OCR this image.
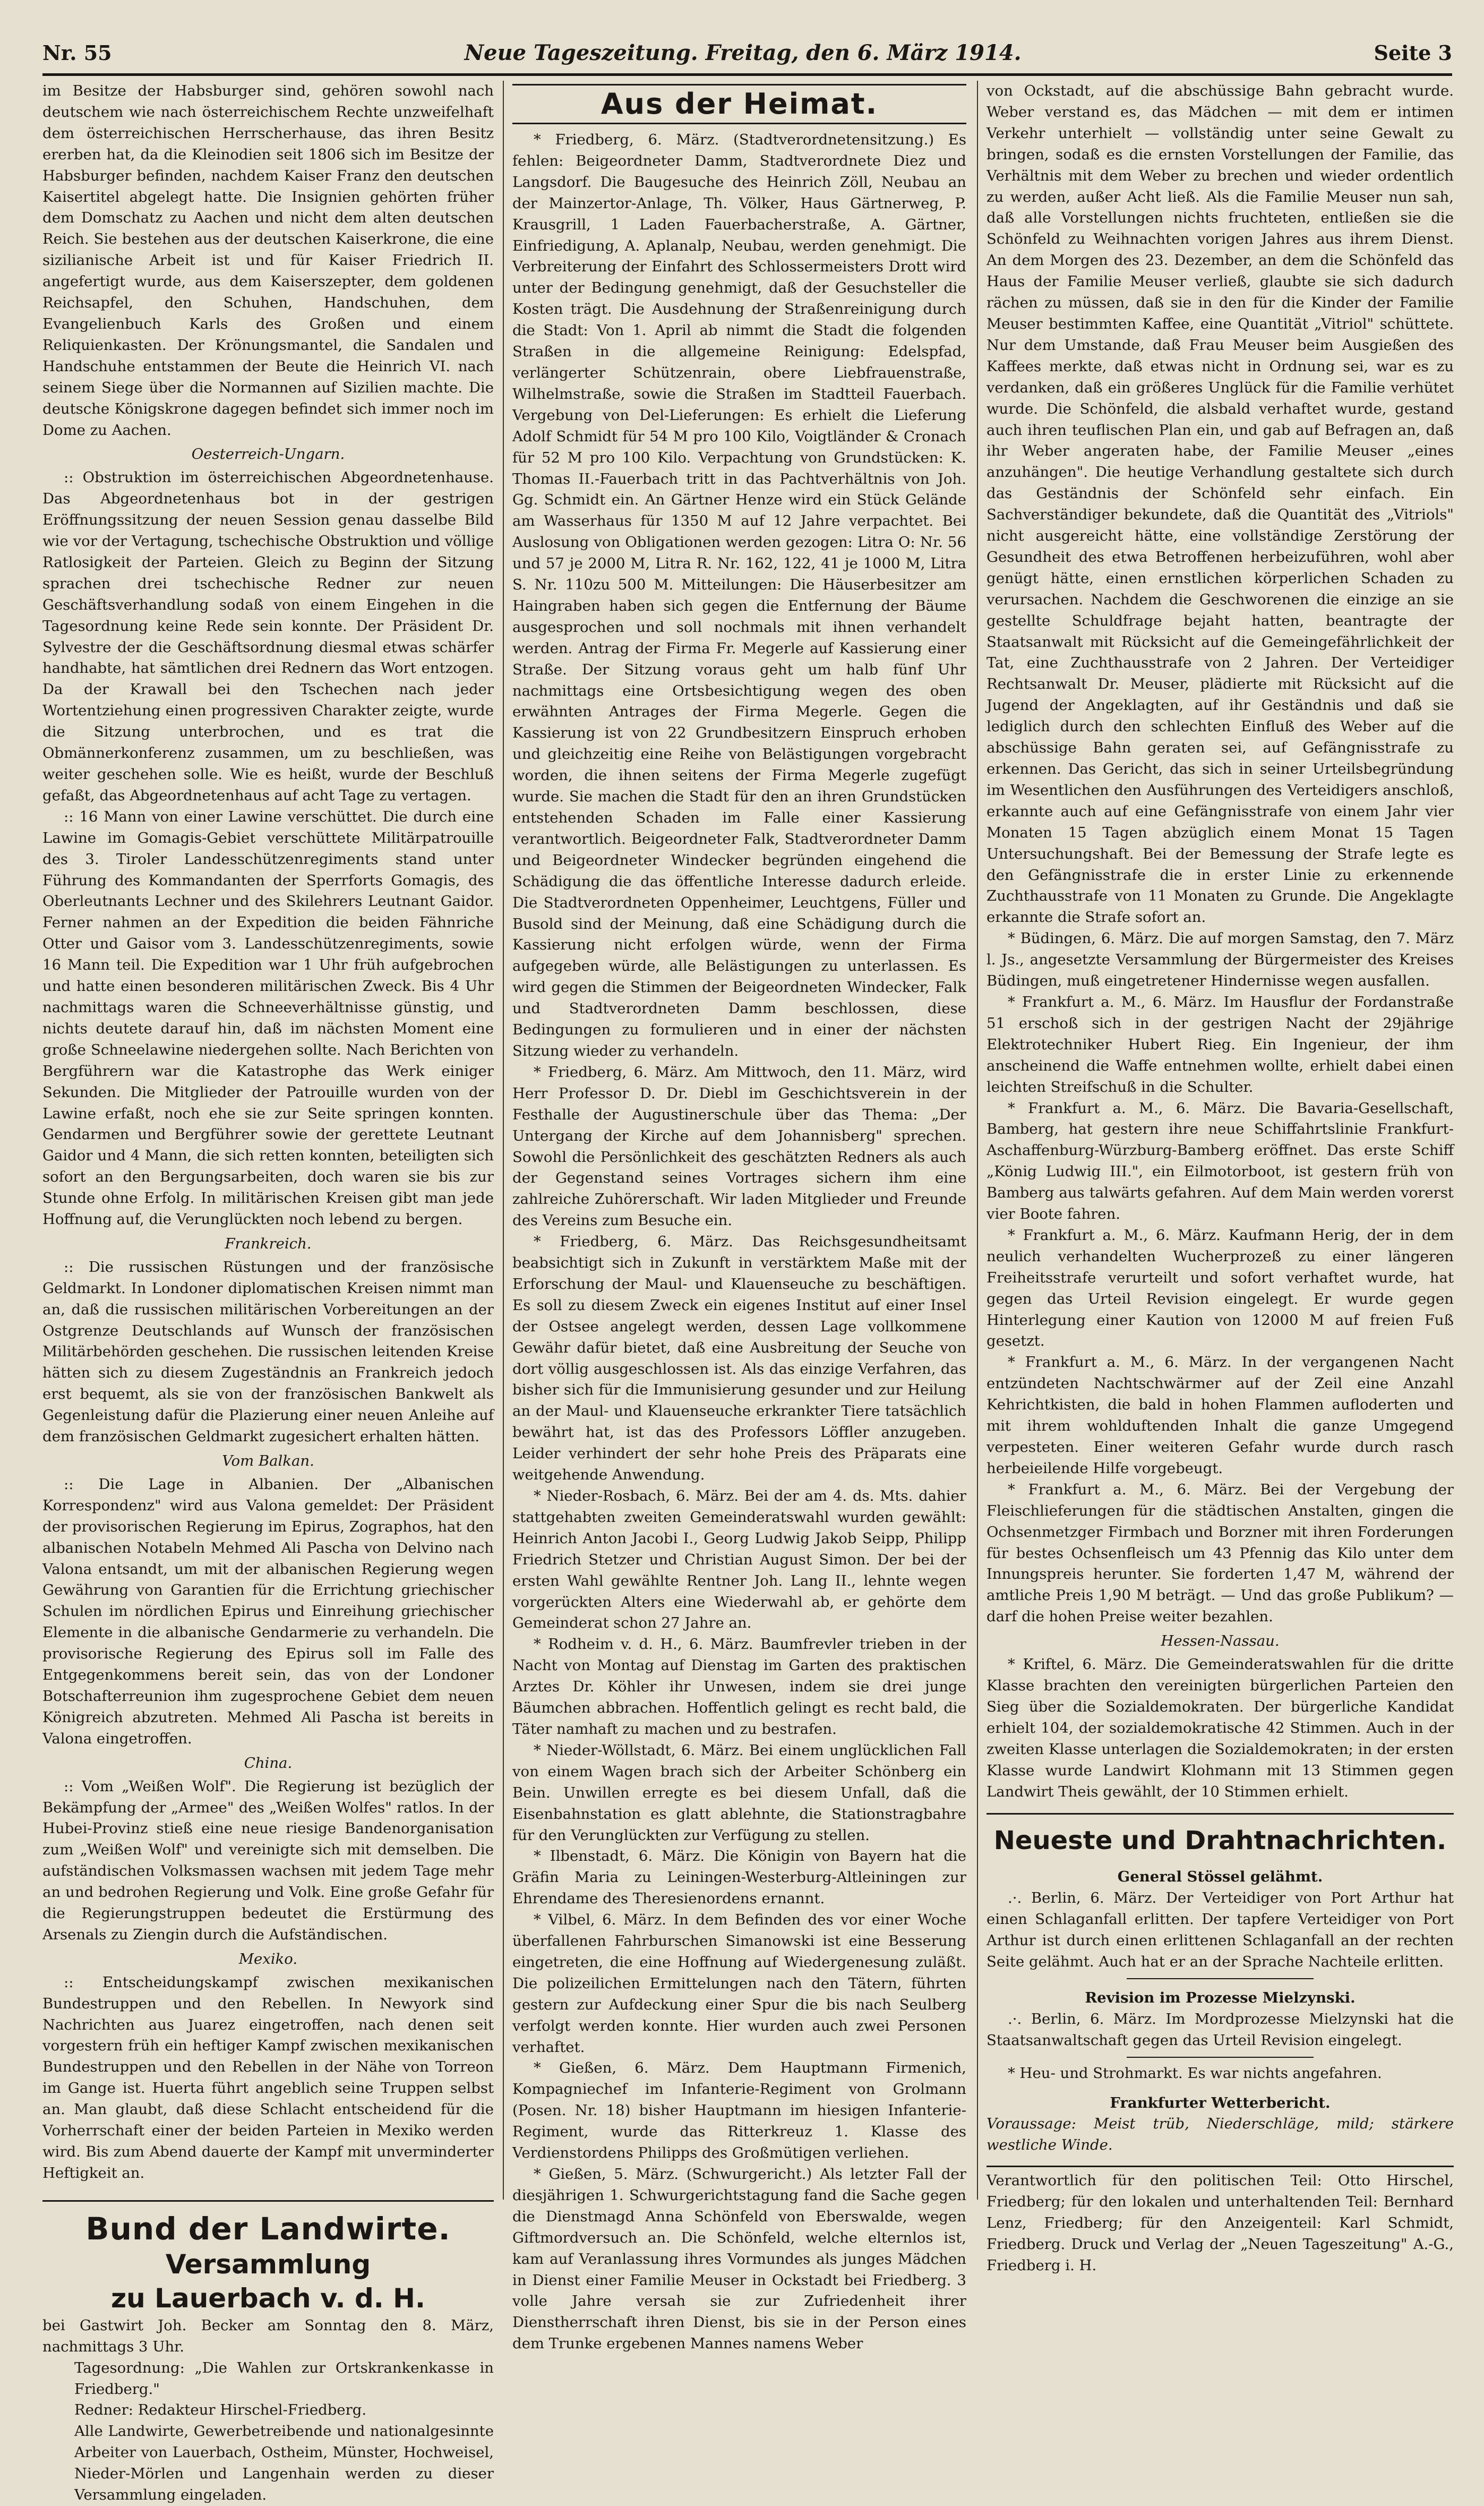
Nr. 55	Neue Tageszeitung. Freitag, den 6. März 1914.	Seite 3

im Besitze der Habsburger sind, gehören sowohl nach deutschem wie nach österreichischem Rechte unzweifelhaft dem österreichischen Herrscherhause, das ihren Besitz ererben hat, da die Kleinodien seit 1806 sich im Besitze der Habsburger befinden, nachdem Kaiser Franz den deutschen Kaisertitel abgelegt hatte. Die Insignien gehörten früher dem Domschatz zu Aachen und nicht dem alten deutschen Reich. Sie bestehen aus der deutschen Kaiserkrone, die eine sizilianische Arbeit ist und für Kaiser Friedrich II. angefertigt wurde, aus dem Kaiserszepter, dem goldenen Reichsapfel, den Schuhen, Handschuhen, dem Evangelienbuch Karls des Großen und einem Reliquienkasten. Der Krönungsmantel, die Sandalen und Handschuhe entstammen der Beute die Heinrich VI. nach seinem Siege über die Normannen auf Sizilien machte. Die deutsche Königskrone dagegen befindet sich immer noch im Dome zu Aachen.

Oesterreich-Ungarn.

:: Obstruktion im österreichischen Abgeordnetenhause. Das Abgeordnetenhaus bot in der gestrigen Eröffnungssitzung der neuen Session genau dasselbe Bild wie vor der Vertagung, tschechische Obstruktion und völlige Ratlosigkeit der Parteien. Gleich zu Beginn der Sitzung sprachen drei tschechische Redner zur neuen Geschäftsverhandlung sodaß von einem Eingehen in die Tagesordnung keine Rede sein konnte. Der Präsident Dr. Sylvestre der die Geschäftsordnung diesmal etwas schärfer handhabte, hat sämtlichen drei Rednern das Wort entzogen. Da der Krawall bei den Tschechen nach jeder Wortentziehung einen progressiven Charakter zeigte, wurde die Sitzung unterbrochen, und es trat die Obmännerkonferenz zusammen, um zu beschließen, was weiter geschehen solle. Wie es heißt, wurde der Beschluß gefaßt, das Abgeordnetenhaus auf acht Tage zu vertagen.

:: 16 Mann von einer Lawine verschüttet. Die durch eine Lawine im Gomagis-Gebiet verschüttete Militärpatrouille des 3. Tiroler Landesschützenregiments stand unter Führung des Kommandanten der Sperrforts Gomagis, des Oberleutnants Lechner und des Skilehrers Leutnant Gaidor. Ferner nahmen an der Expedition die beiden Fähnriche Otter und Gaisor vom 3. Landesschützenregiments, sowie 16 Mann teil. Die Expedition war 1 Uhr früh aufgebrochen und hatte einen besonderen militärischen Zweck. Bis 4 Uhr nachmittags waren die Schneeverhältnisse günstig, und nichts deutete darauf hin, daß im nächsten Moment eine große Schneelawine niedergehen sollte. Nach Berichten von Bergführern war die Katastrophe das Werk einiger Sekunden. Die Mitglieder der Patrouille wurden von der Lawine erfaßt, noch ehe sie zur Seite springen konnten. Gendarmen und Bergführer sowie der gerettete Leutnant Gaidor und 4 Mann, die sich retten konnten, beteiligten sich sofort an den Bergungsarbeiten, doch waren sie bis zur Stunde ohne Erfolg. In militärischen Kreisen gibt man jede Hoffnung auf, die Verunglückten noch lebend zu bergen.

Frankreich.

:: Die russischen Rüstungen und der französische Geldmarkt. In Londoner diplomatischen Kreisen nimmt man an, daß die russischen militärischen Vorbereitungen an der Ostgrenze Deutschlands auf Wunsch der französischen Militärbehörden geschehen. Die russischen leitenden Kreise hätten sich zu diesem Zugeständnis an Frankreich jedoch erst bequemt, als sie von der französischen Bankwelt als Gegenleistung dafür die Plazierung einer neuen Anleihe auf dem französischen Geldmarkt zugesichert erhalten hätten.

Vom Balkan.

:: Die Lage in Albanien. Der „Albanischen Korrespondenz" wird aus Valona gemeldet: Der Präsident der provisorischen Regierung im Epirus, Zographos, hat den albanischen Notabeln Mehmed Ali Pascha von Delvino nach Valona entsandt, um mit der albanischen Regierung wegen Gewährung von Garantien für die Errichtung griechischer Schulen im nördlichen Epirus und Einreihung griechischer Elemente in die albanische Gendarmerie zu verhandeln. Die provisorische Regierung des Epirus soll im Falle des Entgegenkommens bereit sein, das von der Londoner Botschafterreunion ihm zugesprochene Gebiet dem neuen Königreich abzutreten. Mehmed Ali Pascha ist bereits in Valona eingetroffen.

China.

:: Vom „Weißen Wolf". Die Regierung ist bezüglich der Bekämpfung der „Armee" des „Weißen Wolfes" ratlos. In der Hubei-Provinz stieß eine neue riesige Bandenorganisation zum „Weißen Wolf" und vereinigte sich mit demselben. Die aufständischen Volksmassen wachsen mit jedem Tage mehr an und bedrohen Regierung und Volk. Eine große Gefahr für die Regierungstruppen bedeutet die Erstürmung des Arsenals zu Ziengin durch die Aufständischen.

Mexiko.

:: Entscheidungskampf zwischen mexikanischen Bundestruppen und den Rebellen. In Newyork sind Nachrichten aus Juarez eingetroffen, nach denen seit vorgestern früh ein heftiger Kampf zwischen mexikanischen Bundestruppen und den Rebellen in der Nähe von Torreon im Gange ist. Huerta führt angeblich seine Truppen selbst an. Man glaubt, daß diese Schlacht entscheidend für die Vorherrschaft einer der beiden Parteien in Mexiko werden wird. Bis zum Abend dauerte der Kampf mit unverminderter Heftigkeit an.

Bund der Landwirte.
Versammlung
zu Lauerbach v. d. H.

bei Gastwirt Joh. Becker am Sonntag den 8. März, nachmittags 3 Uhr.

Tagesordnung: „Die Wahlen zur Ortskrankenkasse in Friedberg."

Redner: Redakteur Hirschel-Friedberg.

Alle Landwirte, Gewerbetreibende und nationalgesinnte Arbeiter von Lauerbach, Ostheim, Münster, Hochweisel, Nieder-Mörlen und Langenhain werden zu dieser Versammlung eingeladen.

Aus der Heimat.

* Friedberg, 6. März. (Stadtverordnetensitzung.) Es fehlen: Beigeordneter Damm, Stadtverordnete Diez und Langsdorf. Die Baugesuche des Heinrich Zöll, Neubau an der Mainzertor-Anlage, Th. Völker, Haus Gärtnerweg, P. Krausgrill, 1 Laden Fauerbacherstraße, A. Gärtner, Einfriedigung, A. Aplanalp, Neubau, werden genehmigt. Die Verbreiterung der Einfahrt des Schlossermeisters Drott wird unter der Bedingung genehmigt, daß der Gesuchsteller die Kosten trägt. Die Ausdehnung der Straßenreinigung durch die Stadt: Von 1. April ab nimmt die Stadt die folgenden Straßen in die allgemeine Reinigung: Edelspfad, verlängerter Schützenrain, obere Liebfrauenstraße, Wilhelmstraße, sowie die Straßen im Stadtteil Fauerbach. Vergebung von Del-Lieferungen: Es erhielt die Lieferung Adolf Schmidt für 54 M pro 100 Kilo, Voigtländer & Cronach für 52 M pro 100 Kilo. Verpachtung von Grundstücken: K. Thomas II.-Fauerbach tritt in das Pachtverhältnis von Joh. Gg. Schmidt ein. An Gärtner Henze wird ein Stück Gelände am Wasserhaus für 1350 M auf 12 Jahre verpachtet. Bei Auslosung von Obligationen werden gezogen: Litra O: Nr. 56 und 57 je 2000 M, Litra R. Nr. 162, 122, 41 je 1000 M, Litra S. Nr. 110zu 500 M. Mitteilungen: Die Häuserbesitzer am Haingraben haben sich gegen die Entfernung der Bäume ausgesprochen und soll nochmals mit ihnen verhandelt werden. Antrag der Firma Fr. Megerle auf Kassierung einer Straße. Der Sitzung voraus geht um halb fünf Uhr nachmittags eine Ortsbesichtigung wegen des oben erwähnten Antrages der Firma Megerle. Gegen die Kassierung ist von 22 Grundbesitzern Einspruch erhoben und gleichzeitig eine Reihe von Belästigungen vorgebracht worden, die ihnen seitens der Firma Megerle zugefügt wurde. Sie machen die Stadt für den an ihren Grundstücken entstehenden Schaden im Falle einer Kassierung verantwortlich. Beigeordneter Falk, Stadtverordneter Damm und Beigeordneter Windecker begründen eingehend die Schädigung die das öffentliche Interesse dadurch erleide. Die Stadtverordneten Oppenheimer, Leuchtgens, Füller und Busold sind der Meinung, daß eine Schädigung durch die Kassierung nicht erfolgen würde, wenn der Firma aufgegeben würde, alle Belästigungen zu unterlassen. Es wird gegen die Stimmen der Beigeordneten Windecker, Falk und Stadtverordneten Damm beschlossen, diese Bedingungen zu formulieren und in einer der nächsten Sitzung wieder zu verhandeln.

* Friedberg, 6. März. Am Mittwoch, den 11. März, wird Herr Professor D. Dr. Diebl im Geschichtsverein in der Festhalle der Augustinerschule über das Thema: „Der Untergang der Kirche auf dem Johannisberg" sprechen. Sowohl die Persönlichkeit des geschätzten Redners als auch der Gegenstand seines Vortrages sichern ihm eine zahlreiche Zuhörerschaft. Wir laden Mitglieder und Freunde des Vereins zum Besuche ein.

* Friedberg, 6. März. Das Reichsgesundheitsamt beabsichtigt sich in Zukunft in verstärktem Maße mit der Erforschung der Maul- und Klauenseuche zu beschäftigen. Es soll zu diesem Zweck ein eigenes Institut auf einer Insel der Ostsee angelegt werden, dessen Lage vollkommene Gewähr dafür bietet, daß eine Ausbreitung der Seuche von dort völlig ausgeschlossen ist. Als das einzige Verfahren, das bisher sich für die Immunisierung gesunder und zur Heilung an der Maul- und Klauenseuche erkrankter Tiere tatsächlich bewährt hat, ist das des Professors Löffler anzugeben. Leider verhindert der sehr hohe Preis des Präparats eine weitgehende Anwendung.

* Nieder-Rosbach, 6. März. Bei der am 4. ds. Mts. dahier stattgehabten zweiten Gemeinderatswahl wurden gewählt: Heinrich Anton Jacobi I., Georg Ludwig Jakob Seipp, Philipp Friedrich Stetzer und Christian August Simon. Der bei der ersten Wahl gewählte Rentner Joh. Lang II., lehnte wegen vorgerückten Alters eine Wiederwahl ab, er gehörte dem Gemeinderat schon 27 Jahre an.

* Rodheim v. d. H., 6. März. Baumfrevler trieben in der Nacht von Montag auf Dienstag im Garten des praktischen Arztes Dr. Köhler ihr Unwesen, indem sie drei junge Bäumchen abbrachen. Hoffentlich gelingt es recht bald, die Täter namhaft zu machen und zu bestrafen.

* Nieder-Wöllstadt, 6. März. Bei einem unglücklichen Fall von einem Wagen brach sich der Arbeiter Schönberg ein Bein. Unwillen erregte es bei diesem Unfall, daß die Eisenbahnstation es glatt ablehnte, die Stationstragbahre für den Verunglückten zur Verfügung zu stellen.

* Ilbenstadt, 6. März. Die Königin von Bayern hat die Gräfin Maria zu Leiningen-Westerburg-Altleiningen zur Ehrendame des Theresienordens ernannt.

* Vilbel, 6. März. In dem Befinden des vor einer Woche überfallenen Fahrburschen Simanowski ist eine Besserung eingetreten, die eine Hoffnung auf Wiedergenesung zuläßt. Die polizeilichen Ermittelungen nach den Tätern, führten gestern zur Aufdeckung einer Spur die bis nach Seulberg verfolgt werden konnte. Hier wurden auch zwei Personen verhaftet.

* Gießen, 6. März. Dem Hauptmann Firmenich, Kompagniechef im Infanterie-Regiment von Grolmann (Posen. Nr. 18) bisher Hauptmann im hiesigen Infanterie-Regiment, wurde das Ritterkreuz 1. Klasse des Verdienstordens Philipps des Großmütigen verliehen.

* Gießen, 5. März. (Schwurgericht.) Als letzter Fall der diesjährigen 1. Schwurgerichtstagung fand die Sache gegen die Dienstmagd Anna Schönfeld von Eberswalde, wegen Giftmordversuch an. Die Schönfeld, welche elternlos ist, kam auf Veranlassung ihres Vormundes als junges Mädchen in Dienst einer Familie Meuser in Ockstadt bei Friedberg. 3 volle Jahre versah sie zur Zufriedenheit ihrer Dienstherrschaft ihren Dienst, bis sie in der Person eines dem Trunke ergebenen Mannes namens Weber

von Ockstadt, auf die abschüssige Bahn gebracht wurde. Weber verstand es, das Mädchen — mit dem er intimen Verkehr unterhielt — vollständig unter seine Gewalt zu bringen, sodaß es die ernsten Vorstellungen der Familie, das Verhältnis mit dem Weber zu brechen und wieder ordentlich zu werden, außer Acht ließ. Als die Familie Meuser nun sah, daß alle Vorstellungen nichts fruchteten, entließen sie die Schönfeld zu Weihnachten vorigen Jahres aus ihrem Dienst. An dem Morgen des 23. Dezember, an dem die Schönfeld das Haus der Familie Meuser verließ, glaubte sie sich dadurch rächen zu müssen, daß sie in den für die Kinder der Familie Meuser bestimmten Kaffee, eine Quantität „Vitriol" schüttete. Nur dem Umstande, daß Frau Meuser beim Ausgießen des Kaffees merkte, daß etwas nicht in Ordnung sei, war es zu verdanken, daß ein größeres Unglück für die Familie verhütet wurde. Die Schönfeld, die alsbald verhaftet wurde, gestand auch ihren teuflischen Plan ein, und gab auf Befragen an, daß ihr Weber angeraten habe, der Familie Meuser „eines anzuhängen". Die heutige Verhandlung gestaltete sich durch das Geständnis der Schönfeld sehr einfach. Ein Sachverständiger bekundete, daß die Quantität des „Vitriols" nicht ausgereicht hätte, eine vollständige Zerstörung der Gesundheit des etwa Betroffenen herbeizuführen, wohl aber genügt hätte, einen ernstlichen körperlichen Schaden zu verursachen. Nachdem die Geschworenen die einzige an sie gestellte Schuldfrage bejaht hatten, beantragte der Staatsanwalt mit Rücksicht auf die Gemeingefährlichkeit der Tat, eine Zuchthausstrafe von 2 Jahren. Der Verteidiger Rechtsanwalt Dr. Meuser, plädierte mit Rücksicht auf die Jugend der Angeklagten, auf ihr Geständnis und daß sie lediglich durch den schlechten Einfluß des Weber auf die abschüssige Bahn geraten sei, auf Gefängnisstrafe zu erkennen. Das Gericht, das sich in seiner Urteilsbegründung im Wesentlichen den Ausführungen des Verteidigers anschloß, erkannte auch auf eine Gefängnisstrafe von einem Jahr vier Monaten 15 Tagen abzüglich einem Monat 15 Tagen Untersuchungshaft. Bei der Bemessung der Strafe legte es den Gefängnisstrafe die in erster Linie zu erkennende Zuchthausstrafe von 11 Monaten zu Grunde. Die Angeklagte erkannte die Strafe sofort an.

* Büdingen, 6. März. Die auf morgen Samstag, den 7. März l. Js., angesetzte Versammlung der Bürgermeister des Kreises Büdingen, muß eingetretener Hindernisse wegen ausfallen.

* Frankfurt a. M., 6. März. Im Hausflur der Fordanstraße 51 erschoß sich in der gestrigen Nacht der 29jährige Elektrotechniker Hubert Rieg. Ein Ingenieur, der ihm anscheinend die Waffe entnehmen wollte, erhielt dabei einen leichten Streifschuß in die Schulter.

* Frankfurt a. M., 6. März. Die Bavaria-Gesellschaft, Bamberg, hat gestern ihre neue Schiffahrtslinie Frankfurt-Aschaffenburg-Würzburg-Bamberg eröffnet. Das erste Schiff „König Ludwig III.", ein Eilmotorboot, ist gestern früh von Bamberg aus talwärts gefahren. Auf dem Main werden vorerst vier Boote fahren.

* Frankfurt a. M., 6. März. Kaufmann Herig, der in dem neulich verhandelten Wucherprozeß zu einer längeren Freiheitsstrafe verurteilt und sofort verhaftet wurde, hat gegen das Urteil Revision eingelegt. Er wurde gegen Hinterlegung einer Kaution von 12000 M auf freien Fuß gesetzt.

* Frankfurt a. M., 6. März. In der vergangenen Nacht entzündeten Nachtschwärmer auf der Zeil eine Anzahl Kehrichtkisten, die bald in hohen Flammen aufloderten und mit ihrem wohlduftenden Inhalt die ganze Umgegend verpesteten. Einer weiteren Gefahr wurde durch rasch herbeieilende Hilfe vorgebeugt.

* Frankfurt a. M., 6. März. Bei der Vergebung der Fleischlieferungen für die städtischen Anstalten, gingen die Ochsenmetzger Firmbach und Borzner mit ihren Forderungen für bestes Ochsenfleisch um 43 Pfennig das Kilo unter dem Innungspreis herunter. Sie forderten 1,47 M, während der amtliche Preis 1,90 M beträgt. — Und das große Publikum? — darf die hohen Preise weiter bezahlen.

Hessen-Nassau.

* Kriftel, 6. März. Die Gemeinderatswahlen für die dritte Klasse brachten den vereinigten bürgerlichen Parteien den Sieg über die Sozialdemokraten. Der bürgerliche Kandidat erhielt 104, der sozialdemokratische 42 Stimmen. Auch in der zweiten Klasse unterlagen die Sozialdemokraten; in der ersten Klasse wurde Landwirt Klohmann mit 13 Stimmen gegen Landwirt Theis gewählt, der 10 Stimmen erhielt.

Neueste und Drahtnachrichten.

General Stössel gelähmt.

.·. Berlin, 6. März. Der Verteidiger von Port Arthur hat einen Schlaganfall erlitten. Der tapfere Verteidiger von Port Arthur ist durch einen erlittenen Schlaganfall an der rechten Seite gelähmt. Auch hat er an der Sprache Nachteile erlitten.

Revision im Prozesse Mielzynski.

.·. Berlin, 6. März. Im Mordprozesse Mielzynski hat die Staatsanwaltschaft gegen das Urteil Revision eingelegt.

* Heu- und Strohmarkt. Es war nichts angefahren.

Frankfurter Wetterbericht.

Voraussage: Meist trüb, Niederschläge, mild; stärkere westliche Winde.

Verantwortlich für den politischen Teil: Otto Hirschel, Friedberg; für den lokalen und unterhaltenden Teil: Bernhard Lenz, Friedberg; für den Anzeigenteil: Karl Schmidt, Friedberg. Druck und Verlag der „Neuen Tageszeitung" A.-G., Friedberg i. H.
